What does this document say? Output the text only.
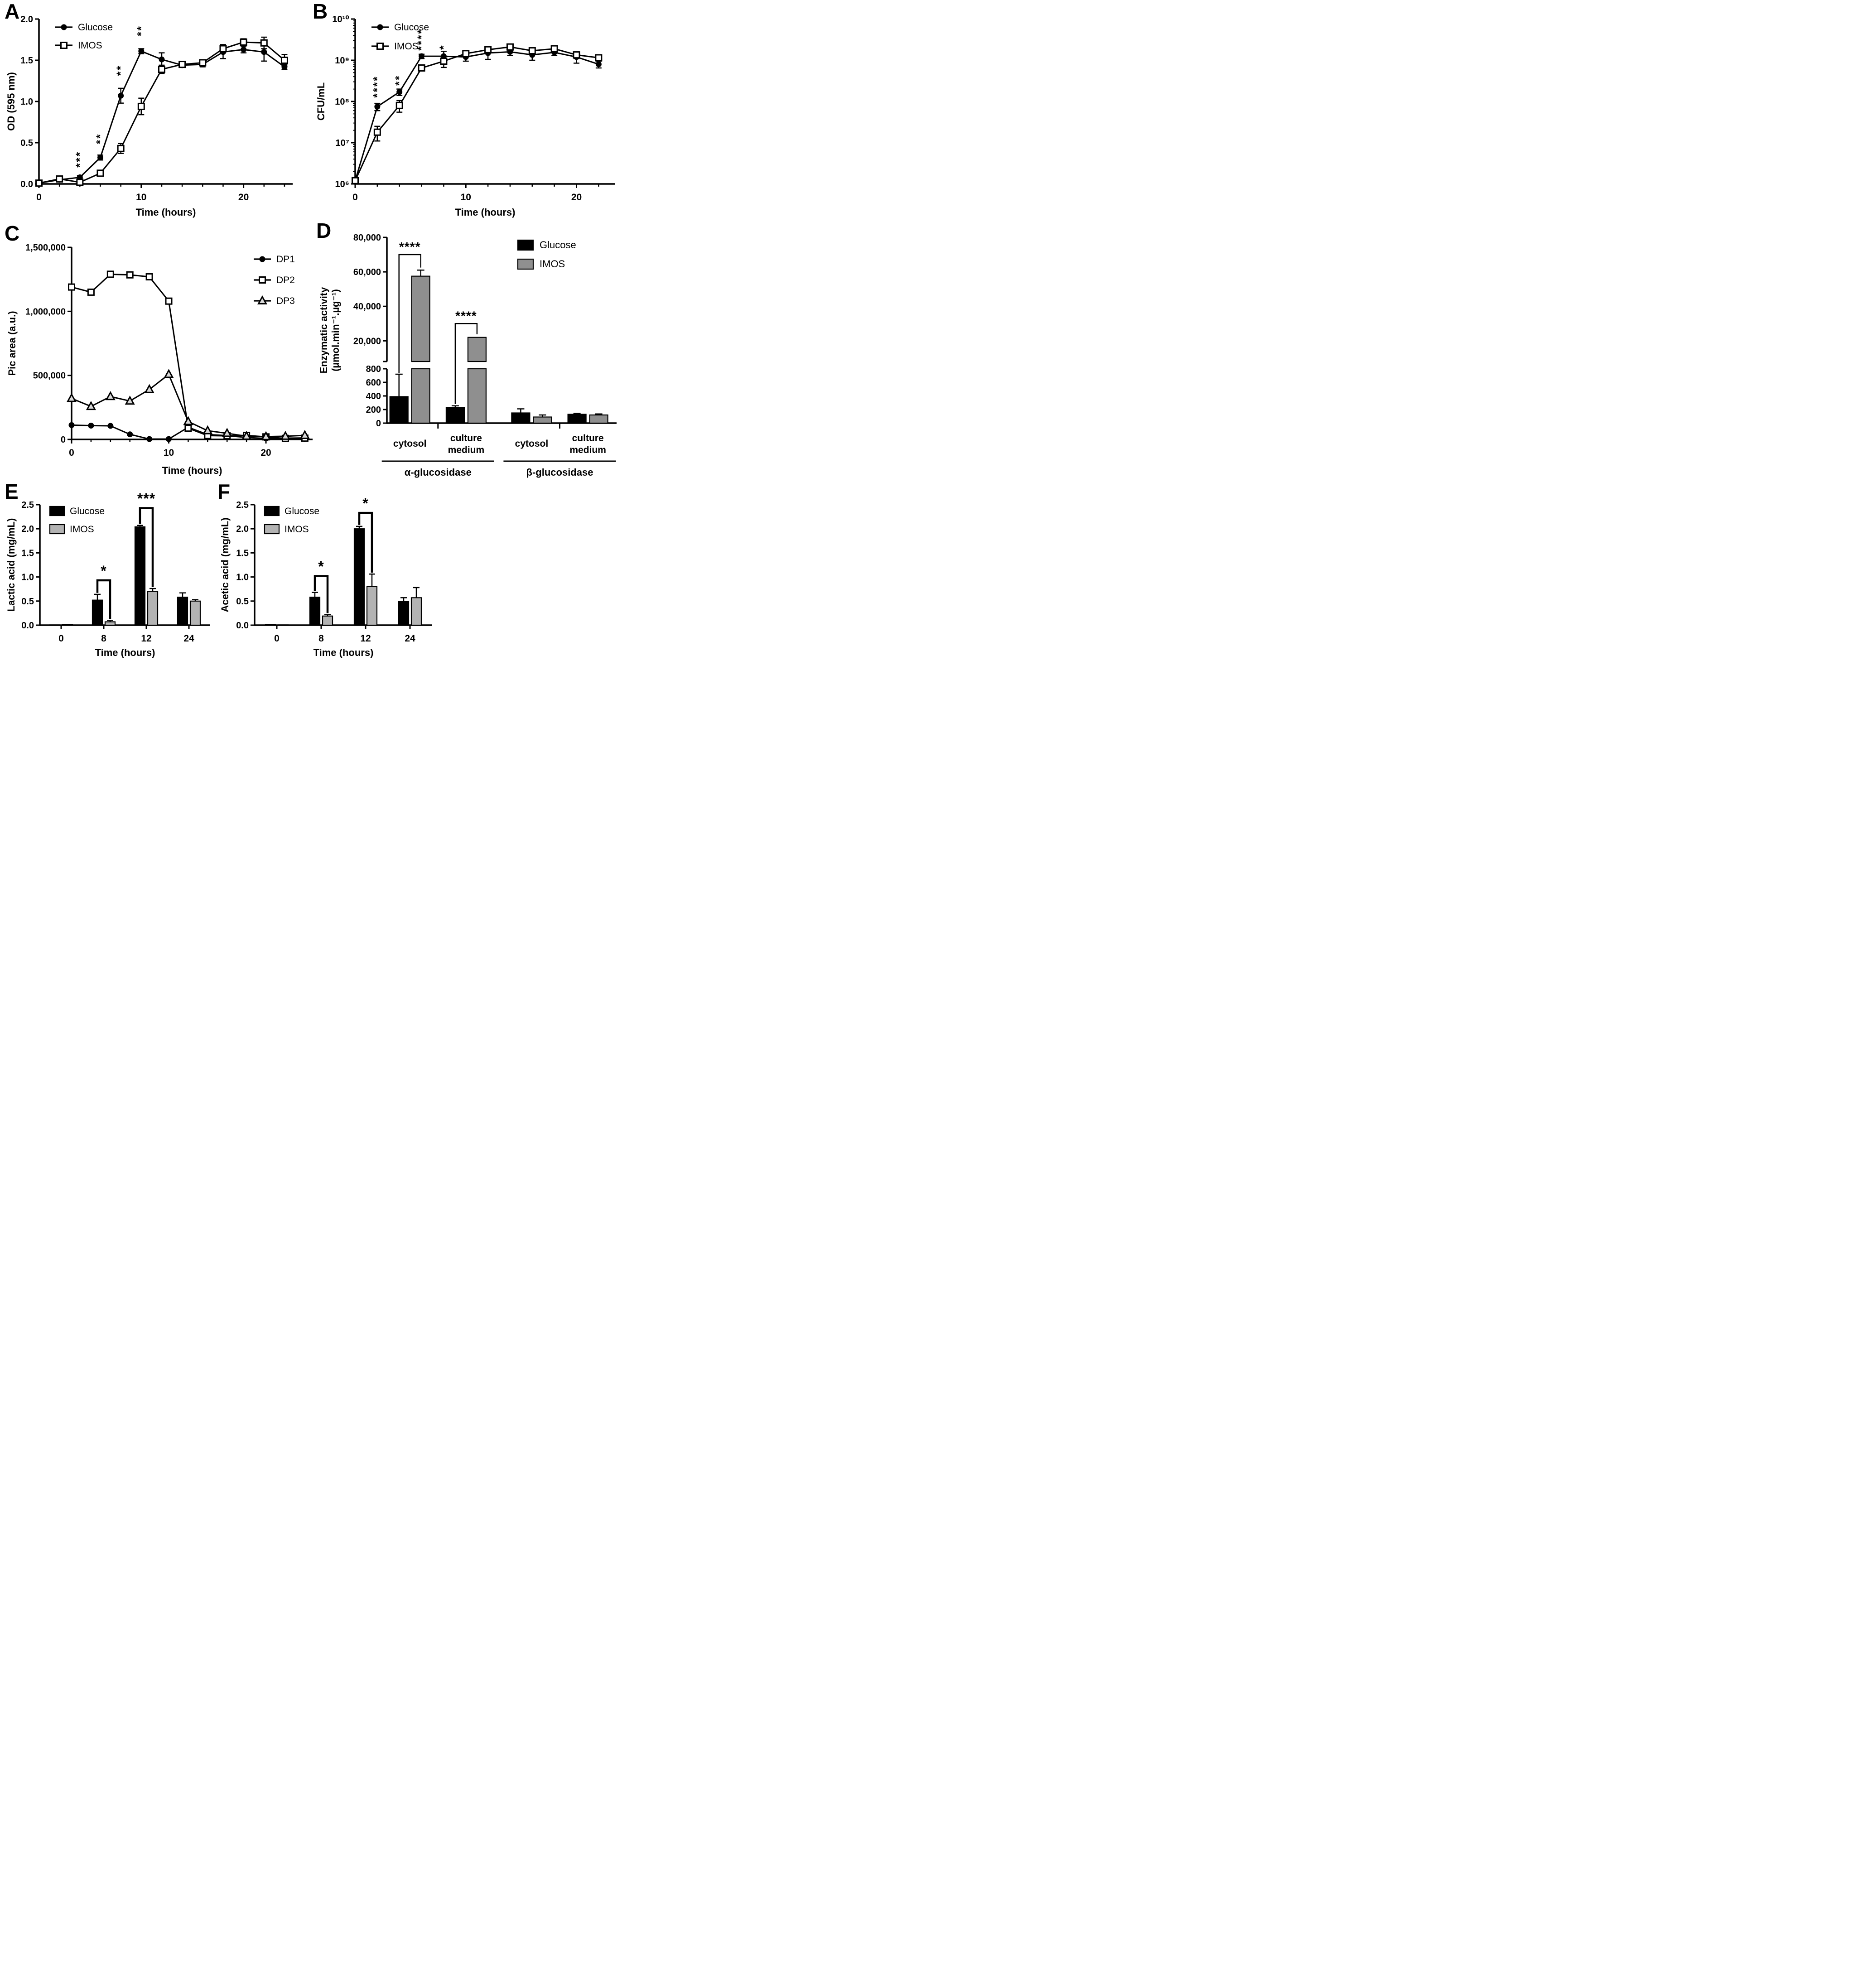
A
0	10	20
0.0
0.5
1.0
1.5
2.0
Time (hours)
OD (595 nm)
Glucose
IMOS
***
**
**
**
B
0	10	20
10⁶
10⁷
10⁸
10⁹
10¹⁰
Time (hours)
CFU/mL
Glucose
IMOS
**** **
**** *
C
0	10	20
0
500,000
1,000,000
1,500,000
Time (hours)
Pic area (a.u.)
DP1
DP2
DP3
D
20,000
40,000
60,000
80,000
0
200
400
600
800
cytosol
culture
medium
cytosol
culture
medium
α-glucosidase	β-glucosidase
Glucose
IMOS
****
****
Enzymatic activity (µmol.min⁻¹.µg⁻¹)
E
0.0
0.5
1.0
1.5
2.0
2.5
0	8	12	24
Time (hours)
Lactic acid (mg/mL)
Glucose
IMOS
*
***	F
0.0
0.5
1.0
1.5
2.0
2.5
0	8	12	24
Time (hours)
Acetic acid (mg/mL)
Glucose
IMOS
*
*
